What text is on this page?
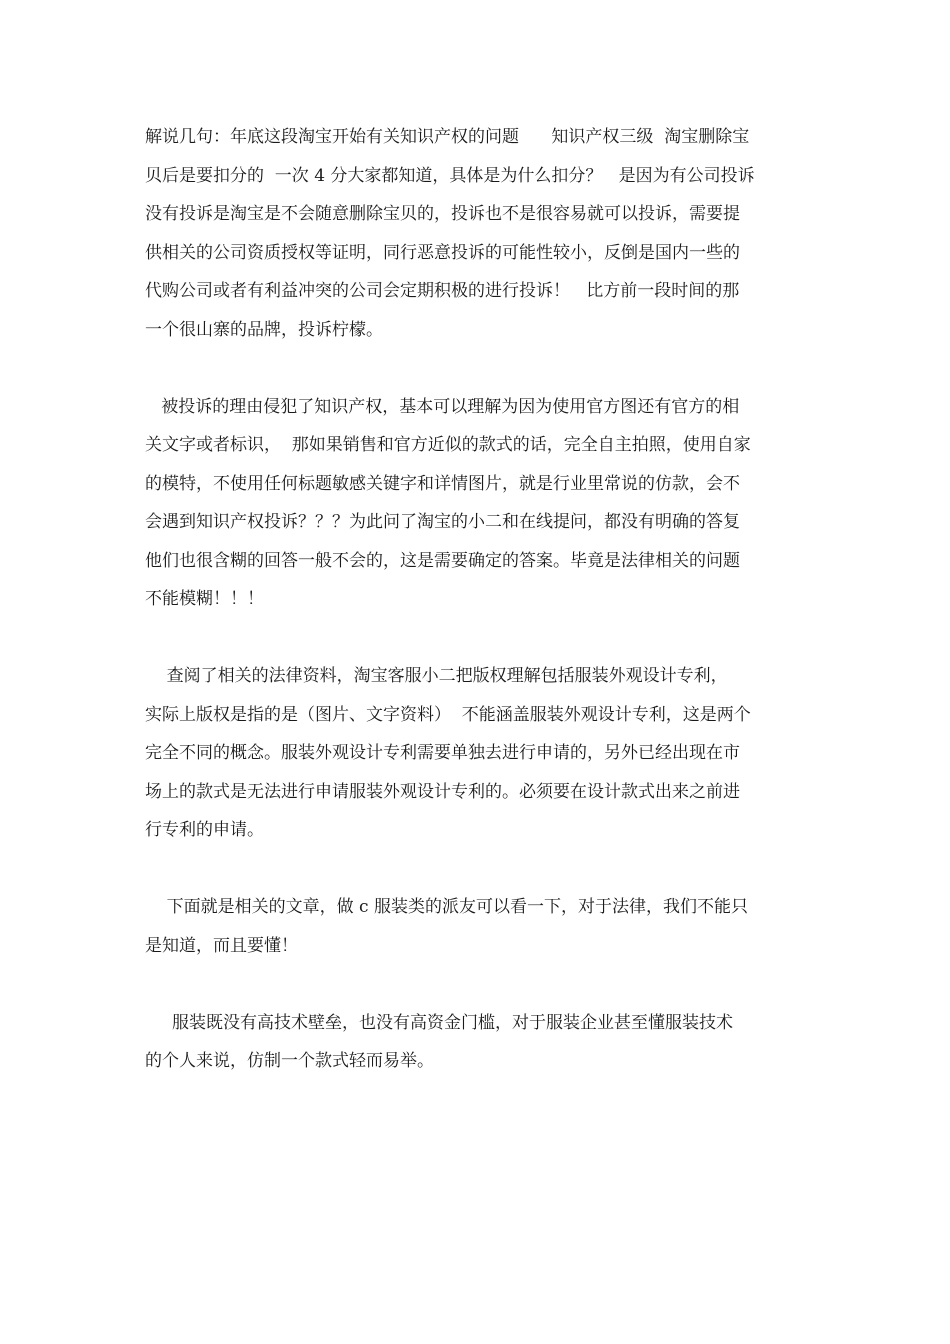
解说几句：年底这段淘宝开始有关知识产权的问题      知识产权三级  淘宝删除宝
贝后是要扣分的  一次 4 分大家都知道，具体是为什么扣分？   是因为有公司投诉
没有投诉是淘宝是不会随意删除宝贝的，投诉也不是很容易就可以投诉，需要提
供相关的公司资质授权等证明，同行恶意投诉的可能性较小，反倒是国内一些的
代购公司或者有利益冲突的公司会定期积极的进行投诉！   比方前一段时间的那
一个很山寨的品牌，投诉柠檬。
被投诉的理由侵犯了知识产权，基本可以理解为因为使用官方图还有官方的相
关文字或者标识，  那如果销售和官方近似的款式的话，完全自主拍照，使用自家
的模特，不使用任何标题敏感关键字和详情图片，就是行业里常说的仿款，会不
会遇到知识产权投诉？？？为此问了淘宝的小二和在线提问，都没有明确的答复
他们也很含糊的回答一般不会的，这是需要确定的答案。毕竟是法律相关的问题
不能模糊！！！
查阅了相关的法律资料，淘宝客服小二把版权理解包括服装外观设计专利，
实际上版权是指的是（图片、文字资料）  不能涵盖服装外观设计专利，这是两个
完全不同的概念。服装外观设计专利需要单独去进行申请的，另外已经出现在市
场上的款式是无法进行申请服装外观设计专利的。必须要在设计款式出来之前进
行专利的申请。
下面就是相关的文章，做 c 服装类的派友可以看一下，对于法律，我们不能只
是知道，而且要懂！
服装既没有高技术壁垒，也没有高资金门槛，对于服装企业甚至懂服装技术
的个人来说，仿制一个款式轻而易举。
